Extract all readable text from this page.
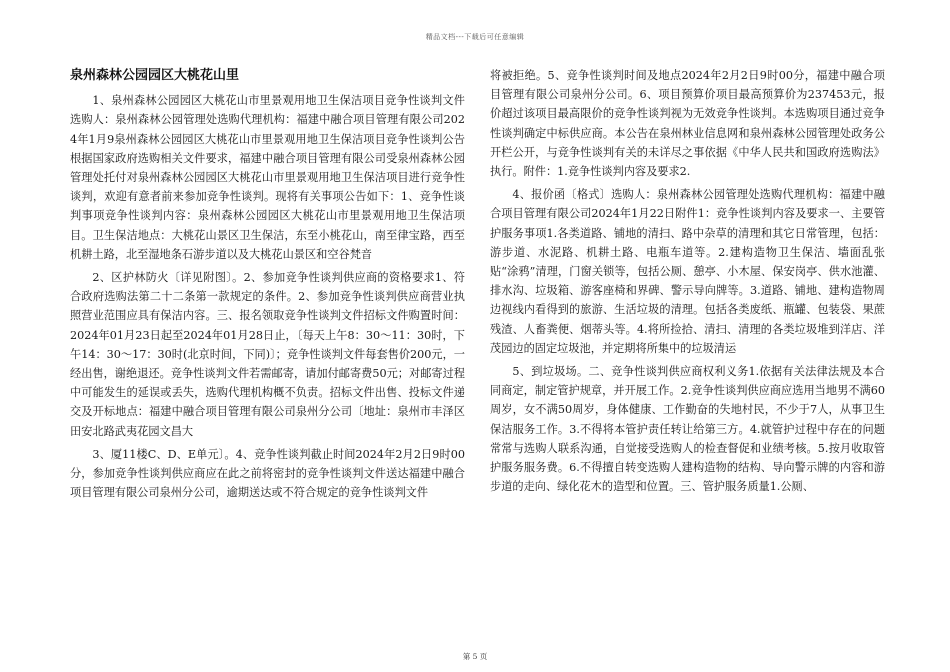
精品文档---下载后可任意编辑
泉州森林公园园区大桃花山里

1、泉州森林公园园区大桃花山市里景观用地卫生保洁项目竞争性谈判文件选购人：泉州森林公园管理处选购代理机构：福建中融合项目管理有限公司2024年1月9泉州森林公园园区大桃花山市里景观用地卫生保洁项目竞争性谈判公告根据国家政府选购相关文件要求，福建中融合项目管理有限公司受泉州森林公园管理处托付对泉州森林公园园区大桃花山市里景观用地卫生保洁项目进行竞争性谈判，欢迎有意者前来参加竞争性谈判。现将有关事项公告如下：1、竞争性谈判事项竞争性谈判内容：泉州森林公园园区大桃花山市里景观用地卫生保洁项目。卫生保洁地点：大桃花山景区卫生保洁，东至小桃花山，南至律宝路，西至机耕土路，北至湿地条石游步道以及大桃花山景区和空谷梵音

2、区护林防火〔详见附图〕。2、参加竞争性谈判供应商的资格要求1、符合政府选购法第二十二条第一款规定的条件。2、参加竞争性谈判供应商营业执照营业范围应具有保洁内容。三、报名领取竞争性谈判文件招标文件购置时间：2024年01月23日起至2024年01月28日止，〔每天上午8：30～11：30时，下午14：30～17：30时(北京时间，下同)〕；竞争性谈判文件每套售价200元，一经出售，谢绝退还。竞争性谈判文件若需邮寄，请加付邮寄费50元；对邮寄过程中可能发生的延误或丢失，选购代理机构概不负责。招标文件出售、投标文件递交及开标地点：福建中融合项目管理有限公司泉州分公司〔地址：泉州市丰泽区田安北路武夷花园文昌大

3、厦11楼C、D、E单元〕。4、竞争性谈判截止时间2024年2月2日9时00分，参加竞争性谈判供应商应在此之前将密封的竞争性谈判文件送达福建中融合项目管理有限公司泉州分公司，逾期送达或不符合规定的竞争性谈判文件

将被拒绝。5、竞争性谈判时间及地点2024年2月2日9时00分，福建中融合项目管理有限公司泉州分公司。6、项目预算价项目最高预算价为237453元，报价超过该项目最高限价的竞争性谈判视为无效竞争性谈判。本选购项目通过竞争性谈判确定中标供应商。本公告在泉州林业信息网和泉州森林公园管理处政务公开栏公开，与竞争性谈判有关的未详尽之事依据《中华人民共和国政府选购法》执行。附件：1.竞争性谈判内容及要求2.

4、报价函〔格式〕选购人：泉州森林公园管理处选购代理机构：福建中融合项目管理有限公司2024年1月22日附件1：竞争性谈判内容及要求一、主要管护服务事项1.各类道路、铺地的清扫、路中杂草的清理和其它日常管理，包括：游步道、水泥路、机耕土路、电瓶车道等。2.建构造物卫生保洁、墙面乱张贴“涂鸦”清理，门窗关锁等，包括公厕、憩亭、小木屋、保安岗亭、供水池灌、排水沟、垃圾箱、游客座椅和界碑、警示导向牌等。3.道路、铺地、建构造物周边视线内看得到的旅游、生活垃圾的清理。包括各类废纸、瓶罐、包装袋、果蔗残渣、人畜粪便、烟蒂头等。4.将所捡拾、清扫、清理的各类垃圾堆到洋店、洋茂园边的固定垃圾池，并定期将所集中的垃圾清运

5、到垃圾场。二、竞争性谈判供应商权利义务1.依据有关法律法规及本合同商定，制定管护规章，并开展工作。2.竞争性谈判供应商应选用当地男不满60周岁，女不满50周岁，身体健康、工作勤奋的失地村民，不少于7人，从事卫生保洁服务工作。3.不得将本管护责任转让给第三方。4.就管护过程中存在的问题常常与选购人联系沟通，自觉接受选购人的检查督促和业绩考核。5.按月收取管护服务服务费。6.不得擅自转变选购人建构造物的结构、导向警示牌的内容和游步道的走向、绿化花木的造型和位置。三、管护服务质量1.公厕、

第 5 页
